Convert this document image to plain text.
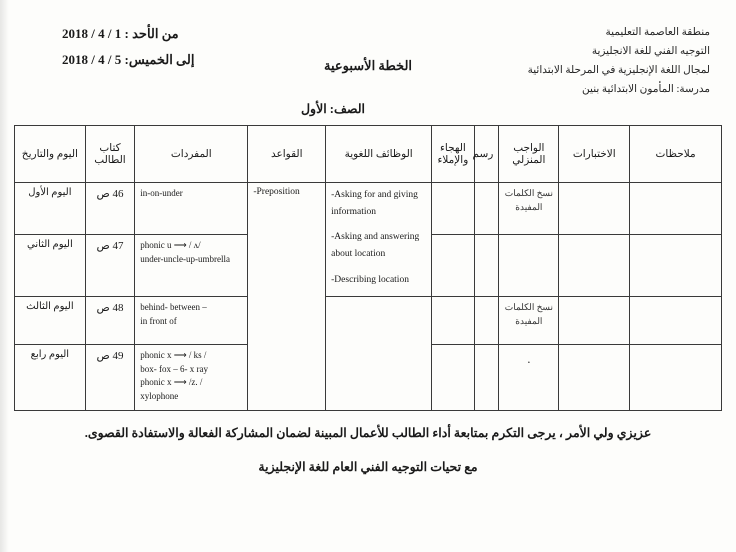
من الأحد : 1 / 4 / 2018
إلى الخميس: 5 / 4 / 2018	الخطة الأسبوعية
منطقة العاصمة التعليمية
التوجيه الفني للغة الانجليزية
لمجال اللغة الإنجليزية في المرحلة الابتدائية
مدرسة: المأمون الابتدائية بنين
الصف: الأول
ملاحظات	الاختبارات	الواجب المنزلي	رسم	الهجاء والإملاء	الوظائف اللغوية	القواعد	المفردات	كتاب الطالب	اليوم والتاريخ
		نسخ الكلمات المفيدة			-Asking for and giving information
-Asking and answering about location
-Describing location	-Preposition	in-on-under	46 ص	اليوم الأول

							phonic u ⟶ / ʌ/
under-uncle-up-umbrella	47 ص	اليوم الثاني
		نسخ الكلمات المفيدة					behind- between –
in front of	48 ص	اليوم الثالث
		.					phonic x ⟶ / ks /
box- fox – 6- x ray
phonic x ⟶ /z. /
xylophone	49 ص	اليوم رابع
عزيزي ولي الأمر ، يرجى التكرم بمتابعة أداء الطالب للأعمال المبينة لضمان المشاركة الفعالة والاستفادة القصوى.
مع تحيات التوجيه الفني العام للغة الإنجليزية
